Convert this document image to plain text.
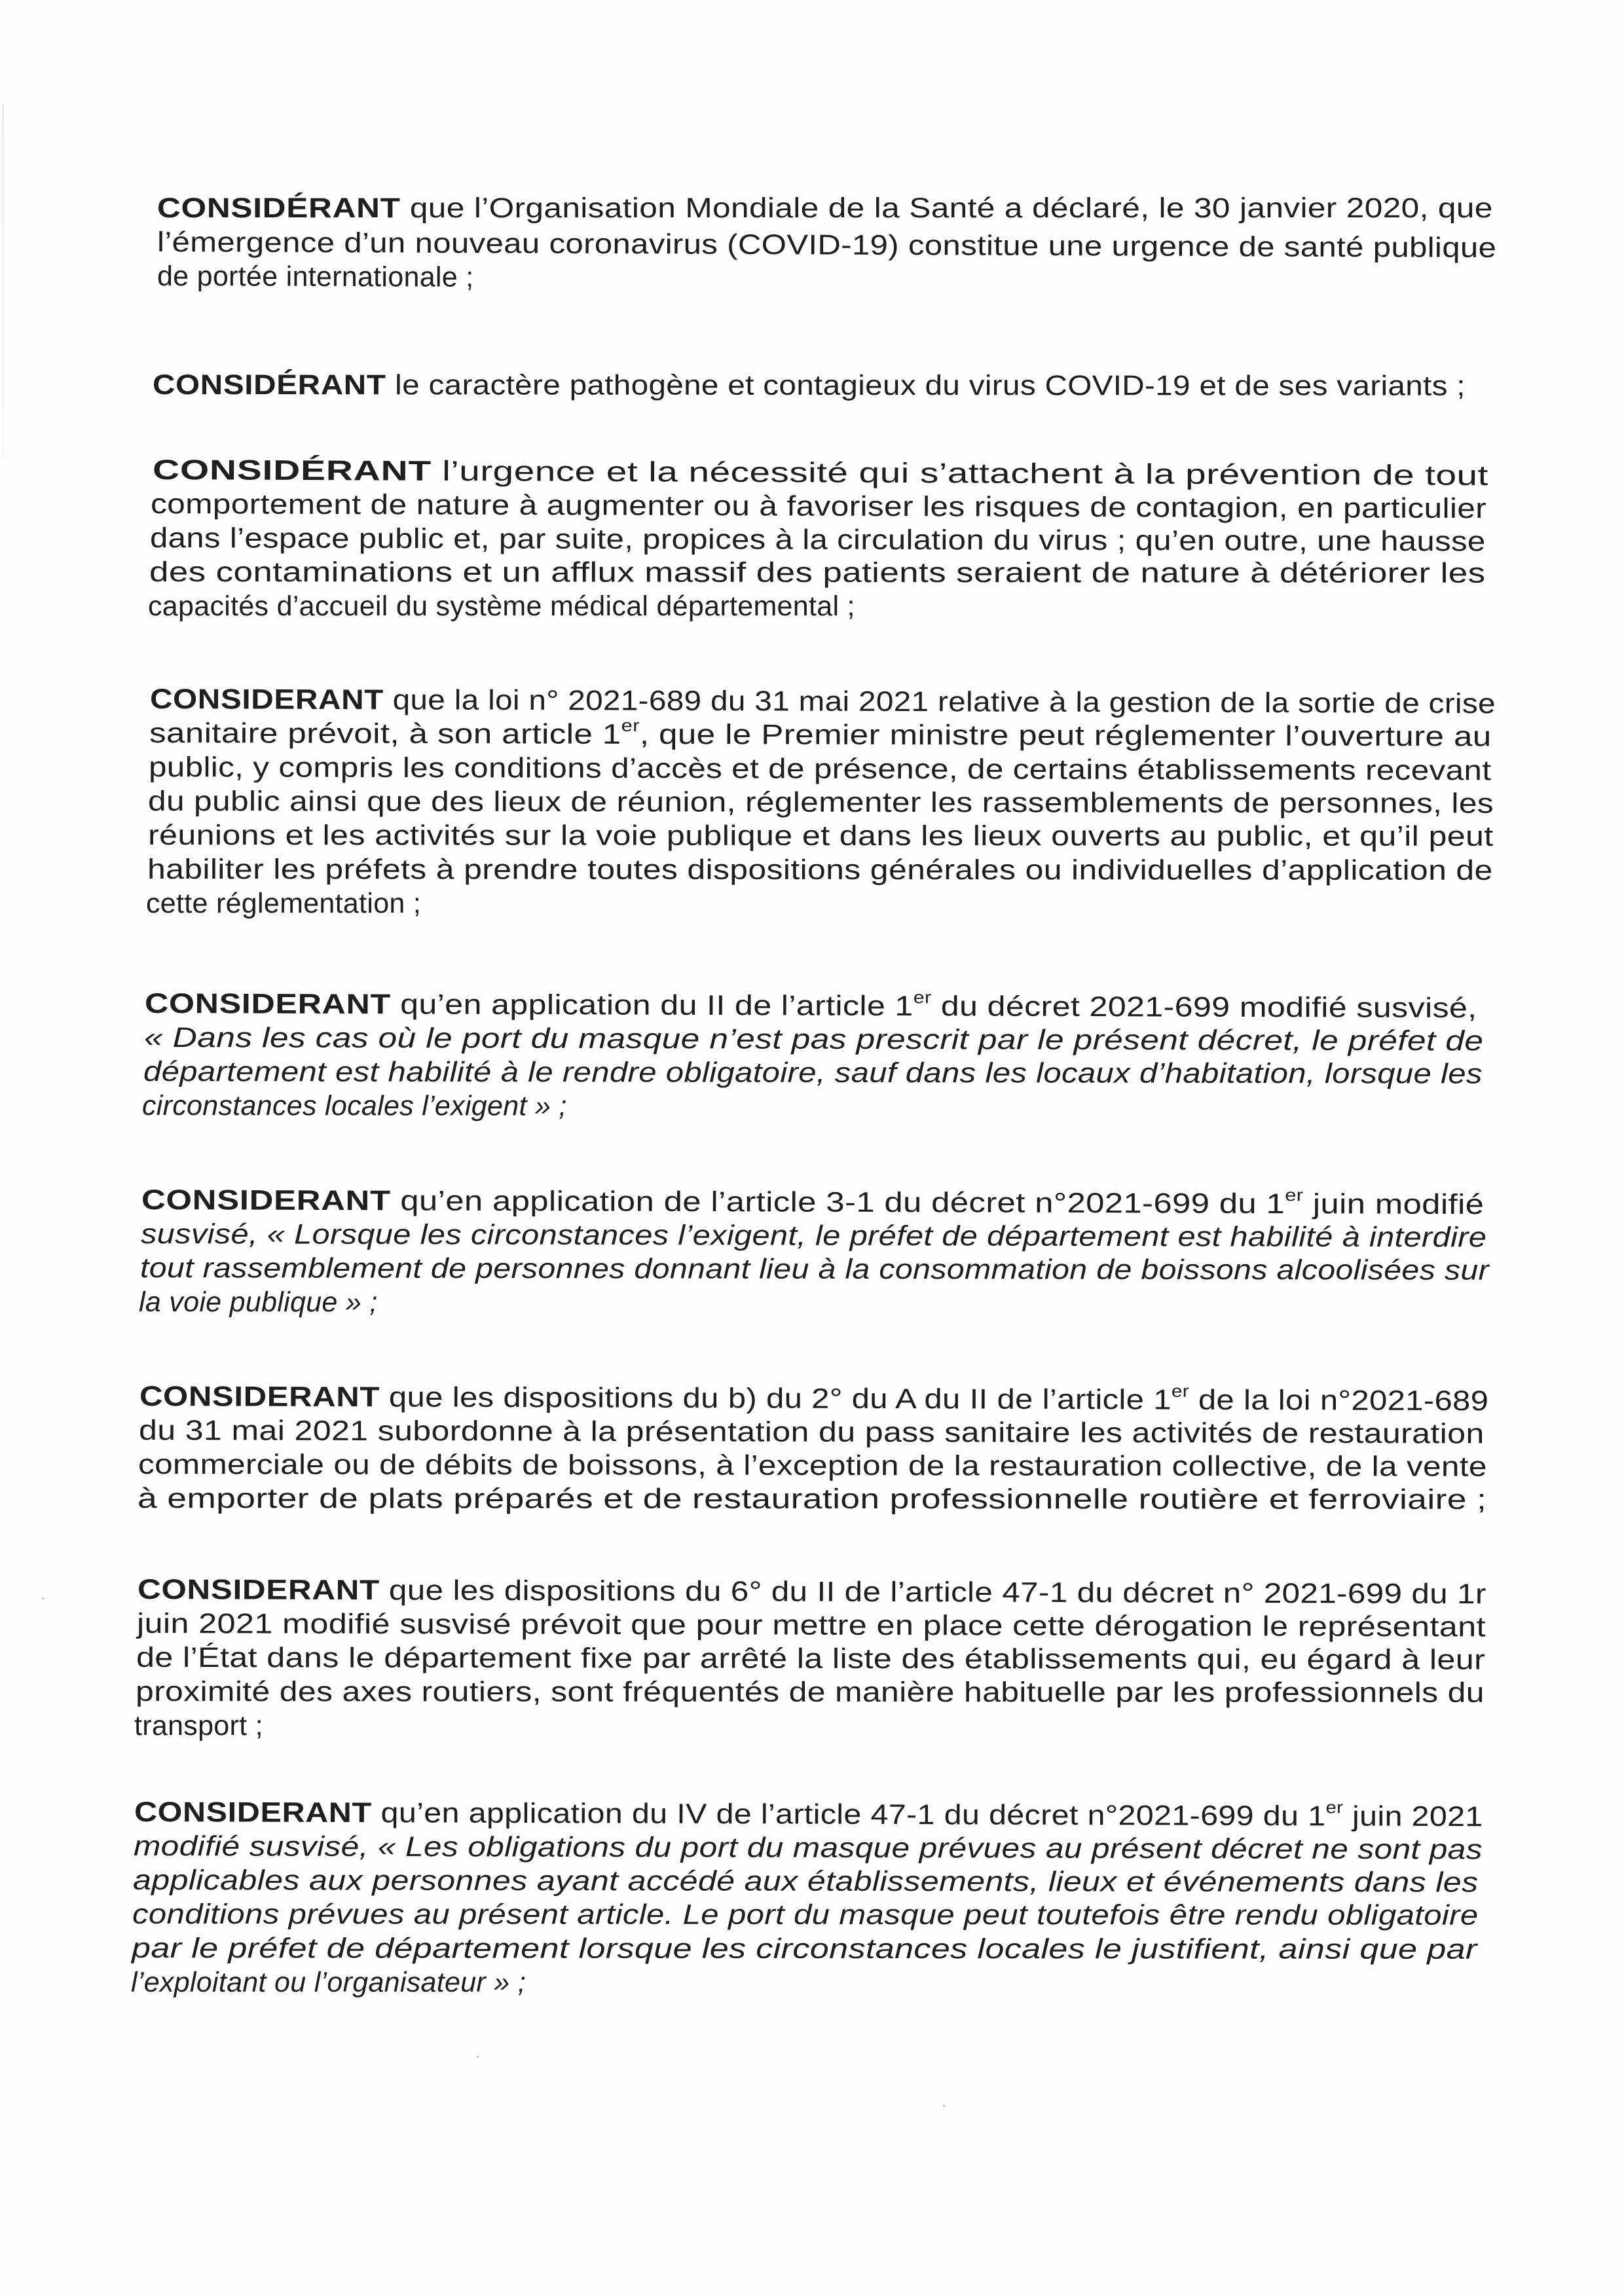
CONSIDÉRANT que l’Organisation Mondiale de la Santé a déclaré, le 30 janvier 2020, que
l’émergence d’un nouveau coronavirus (COVID-19) constitue une urgence de santé publique
de portée internationale ;
CONSIDÉRANT le caractère pathogène et contagieux du virus COVID-19 et de ses variants ;
CONSIDÉRANT l’urgence et la nécessité qui s’attachent à la prévention de tout
comportement de nature à augmenter ou à favoriser les risques de contagion, en particulier
dans l’espace public et, par suite, propices à la circulation du virus ; qu’en outre, une hausse
des contaminations et un afflux massif des patients seraient de nature à détériorer les
capacités d’accueil du système médical départemental ;
CONSIDERANT que la loi n° 2021-689 du 31 mai 2021 relative à la gestion de la sortie de crise
sanitaire prévoit, à son article 1er, que le Premier ministre peut réglementer l’ouverture au
public, y compris les conditions d’accès et de présence, de certains établissements recevant
du public ainsi que des lieux de réunion, réglementer les rassemblements de personnes, les
réunions et les activités sur la voie publique et dans les lieux ouverts au public, et qu’il peut
habiliter les préfets à prendre toutes dispositions générales ou individuelles d’application de
cette réglementation ;
CONSIDERANT qu’en application du II de l’article 1er du décret 2021-699 modifié susvisé,
« Dans les cas où le port du masque n’est pas prescrit par le présent décret, le préfet de
département est habilité à le rendre obligatoire, sauf dans les locaux d’habitation, lorsque les
circonstances locales l’exigent » ;
CONSIDERANT qu’en application de l’article 3-1 du décret n°2021-699 du 1er juin modifié
susvisé, « Lorsque les circonstances l’exigent, le préfet de département est habilité à interdire
tout rassemblement de personnes donnant lieu à la consommation de boissons alcoolisées sur
la voie publique » ;
CONSIDERANT que les dispositions du b) du 2° du A du II de l’article 1er de la loi n°2021-689
du 31 mai 2021 subordonne à la présentation du pass sanitaire les activités de restauration
commerciale ou de débits de boissons, à l’exception de la restauration collective, de la vente
à emporter de plats préparés et de restauration professionnelle routière et ferroviaire ;
CONSIDERANT que les dispositions du 6° du II de l’article 47-1 du décret n° 2021-699 du 1r
juin 2021 modifié susvisé prévoit que pour mettre en place cette dérogation le représentant
de l’État dans le département fixe par arrêté la liste des établissements qui, eu égard à leur
proximité des axes routiers, sont fréquentés de manière habituelle par les professionnels du
transport ;
CONSIDERANT qu’en application du IV de l’article 47-1 du décret n°2021-699 du 1er juin 2021
modifié susvisé, « Les obligations du port du masque prévues au présent décret ne sont pas
applicables aux personnes ayant accédé aux établissements, lieux et événements dans les
conditions prévues au présent article. Le port du masque peut toutefois être rendu obligatoire
par le préfet de département lorsque les circonstances locales le justifient, ainsi que par
l’exploitant ou l’organisateur » ;
